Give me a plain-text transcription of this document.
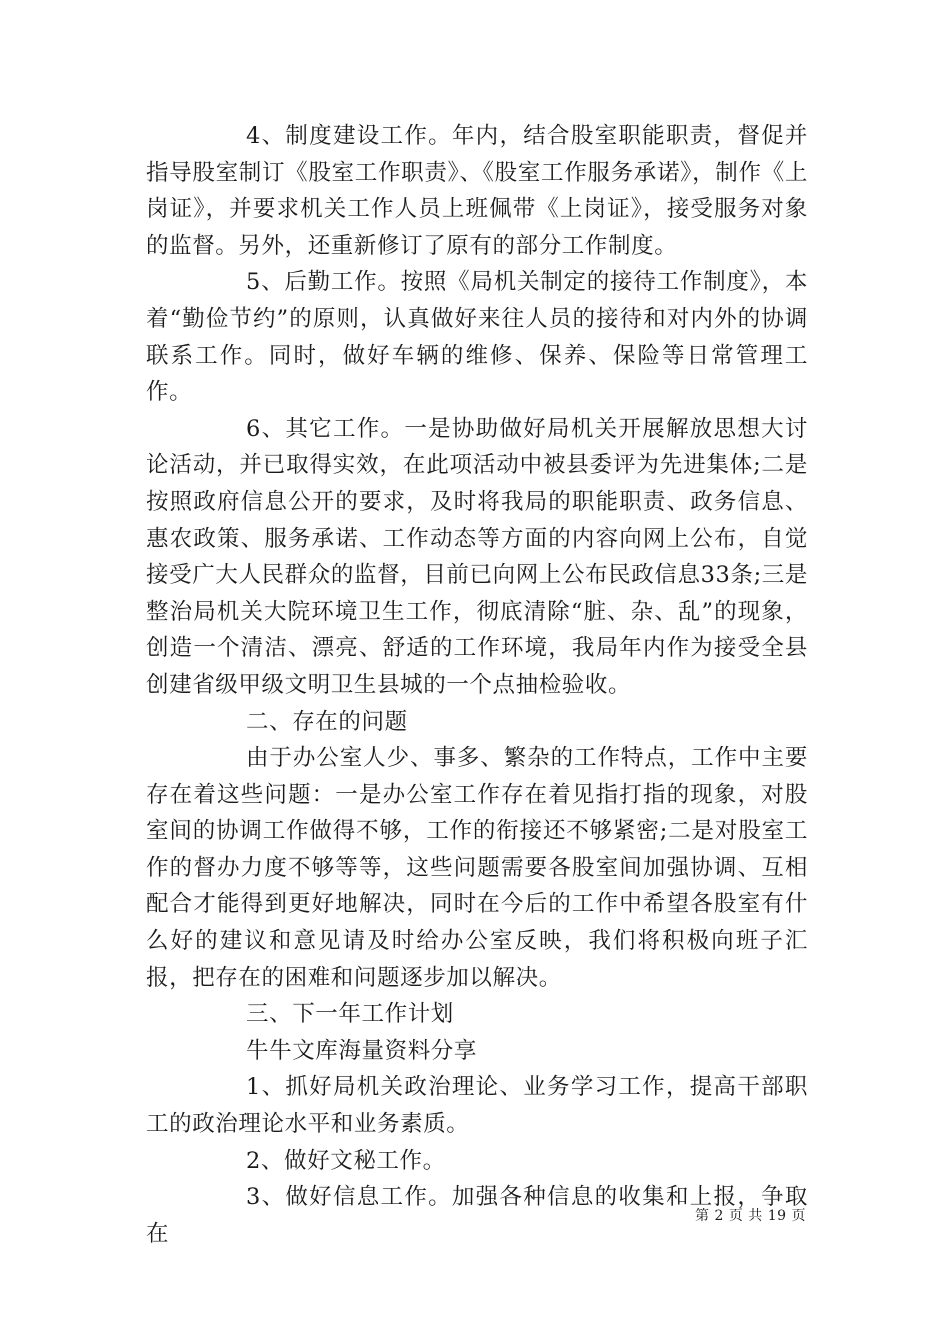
4、制度建设工作。年内，结合股室职能职责，督促并指导股室制订《股室工作职责》、《股室工作服务承诺》，制作《上岗证》，并要求机关工作人员上班佩带《上岗证》，接受服务对象的监督。另外，还重新修订了原有的部分工作制度。

5、后勤工作。按照《局机关制定的接待工作制度》，本着“勤俭节约”的原则，认真做好来往人员的接待和对内外的协调联系工作。同时，做好车辆的维修、保养、保险等日常管理工作。

6、其它工作。一是协助做好局机关开展解放思想大讨论活动，并已取得实效，在此项活动中被县委评为先进集体;二是按照政府信息公开的要求，及时将我局的职能职责、政务信息、惠农政策、服务承诺、工作动态等方面的内容向网上公布，自觉接受广大人民群众的监督，目前已向网上公布民政信息33条;三是整治局机关大院环境卫生工作，彻底清除“脏、杂、乱”的现象，创造一个清洁、漂亮、舒适的工作环境，我局年内作为接受全县创建省级甲级文明卫生县城的一个点抽检验收。

二、存在的问题

由于办公室人少、事多、繁杂的工作特点，工作中主要存在着这些问题：一是办公室工作存在着见指打指的现象，对股室间的协调工作做得不够，工作的衔接还不够紧密;二是对股室工作的督办力度不够等等，这些问题需要各股室间加强协调、互相配合才能得到更好地解决，同时在今后的工作中希望各股室有什么好的建议和意见请及时给办公室反映，我们将积极向班子汇报，把存在的困难和问题逐步加以解决。

三、下一年工作计划

牛牛文库海量资料分享

1、抓好局机关政治理论、业务学习工作，提高干部职工的政治理论水平和业务素质。

2、做好文秘工作。

3、做好信息工作。加强各种信息的收集和上报，争取在

第 2 页 共 19 页
